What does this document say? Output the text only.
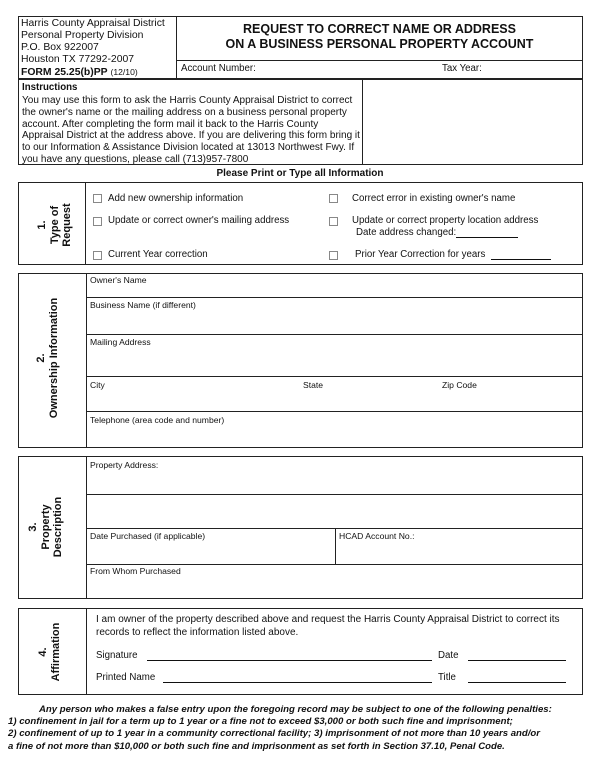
Harris County Appraisal District
Personal Property Division
P.O. Box 922007
Houston TX 77292-2007
FORM 25.25(b)PP (12/10)
REQUEST TO CORRECT NAME OR ADDRESS
ON A BUSINESS PERSONAL PROPERTY ACCOUNT
Account Number:	Tax Year:
Instructions
You may use this form to ask the Harris County Appraisal District to correct the owner's name or the mailing address on a business personal property account. After completing the form mail it back to the Harris County Appraisal District at the address above. If you are delivering this form bring it to our Information & Assistance Division located at 13013 Northwest Fwy. If you have any questions, please call (713)957-7800
Please Print or Type all Information
1. Type of Request
Add new ownership information	Correct error in existing owner's name
Update or correct owner's mailing address	Update or correct property location address
Date address changed:
Current Year correction	Prior Year Correction for years
2. Ownership Information
Owner's Name
Business Name (if different)
Mailing Address
City	State	Zip Code
Telephone (area code and number)
3. Property Description
Property Address:
Date Purchased (if applicable)	HCAD Account No.:
From Whom Purchased
4. Affirmation
I am owner of the property described above and request the Harris County Appraisal District to correct its records to reflect the information listed above.
Signature	Date
Printed Name	Title
Any person who makes a false entry upon the foregoing record may be subject to one of the following penalties:
1) confinement in jail for a term up to 1 year or a fine not to exceed $3,000 or both such fine and imprisonment;
2) confinement of up to 1 year in a community correctional facility; 3) imprisonment of not more than 10 years and/or
a fine of not more than $10,000 or both such fine and imprisonment as set forth in Section 37.10, Penal Code.
